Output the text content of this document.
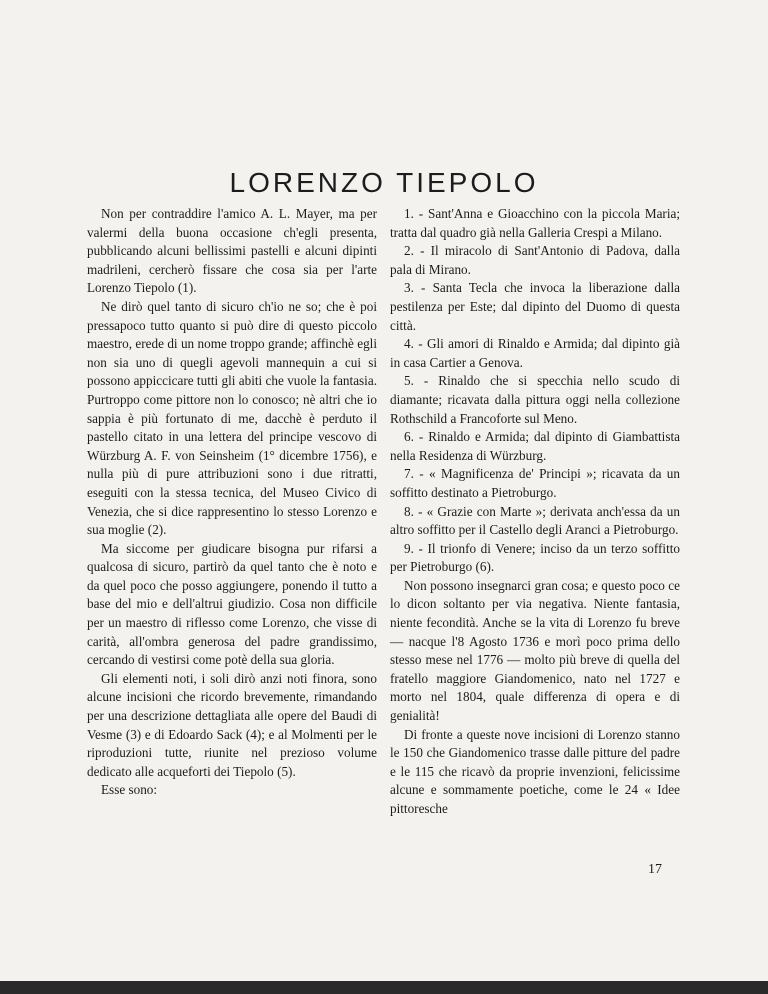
LORENZO TIEPOLO

Non per contraddire l'amico A. L. Mayer, ma per valermi della buona occasione ch'egli presenta, pubblicando alcuni bellissimi pastelli e alcuni dipinti madrileni, cercherò fissare che cosa sia per l'arte Lorenzo Tiepolo (1).

Ne dirò quel tanto di sicuro ch'io ne so; che è poi pressapoco tutto quanto si può dire di questo piccolo maestro, erede di un nome troppo grande; affinchè egli non sia uno di quegli agevoli mannequin a cui si possono appiccicare tutti gli abiti che vuole la fantasia. Purtroppo come pittore non lo conosco; nè altri che io sappia è più fortunato di me, dacchè è perduto il pastello citato in una lettera del principe vescovo di Würzburg A. F. von Seinsheim (1° dicembre 1756), e nulla più di pure attribuzioni sono i due ritratti, eseguiti con la stessa tecnica, del Museo Civico di Venezia, che si dice rappresentino lo stesso Lorenzo e sua moglie (2).

Ma siccome per giudicare bisogna pur rifarsi a qualcosa di sicuro, partirò da quel tanto che è noto e da quel poco che posso aggiungere, ponendo il tutto a base del mio e dell'altrui giudizio. Cosa non difficile per un maestro di riflesso come Lorenzo, che visse di carità, all'ombra generosa del padre grandissimo, cercando di vestirsi come potè della sua gloria.

Gli elementi noti, i soli dirò anzi noti finora, sono alcune incisioni che ricordo brevemente, rimandando per una descrizione dettagliata alle opere del Baudi di Vesme (3) e di Edoardo Sack (4); e al Molmenti per le riproduzioni tutte, riunite nel prezioso volume dedicato alle acqueforti dei Tiepolo (5).

Esse sono:

1. - Sant'Anna e Gioacchino con la piccola Maria; tratta dal quadro già nella Galleria Crespi a Milano.

2. - Il miracolo di Sant'Antonio di Padova, dalla pala di Mirano.

3. - Santa Tecla che invoca la liberazione dalla pestilenza per Este; dal dipinto del Duomo di questa città.

4. - Gli amori di Rinaldo e Armida; dal dipinto già in casa Cartier a Genova.

5. - Rinaldo che si specchia nello scudo di diamante; ricavata dalla pittura oggi nella collezione Rothschild a Francoforte sul Meno.

6. - Rinaldo e Armida; dal dipinto di Giambattista nella Residenza di Würzburg.

7. - « Magnificenza de' Principi »; ricavata da un soffitto destinato a Pietroburgo.

8. - « Grazie con Marte »; derivata anch'essa da un altro soffitto per il Castello degli Aranci a Pietroburgo.

9. - Il trionfo di Venere; inciso da un terzo soffitto per Pietroburgo (6).

Non possono insegnarci gran cosa; e questo poco ce lo dicon soltanto per via negativa. Niente fantasia, niente fecondità. Anche se la vita di Lorenzo fu breve — nacque l'8 Agosto 1736 e morì poco prima dello stesso mese nel 1776 — molto più breve di quella del fratello maggiore Giandomenico, nato nel 1727 e morto nel 1804, quale differenza di opera e di genialità!

Di fronte a queste nove incisioni di Lorenzo stanno le 150 che Giandomenico trasse dalle pitture del padre e le 115 che ricavò da proprie invenzioni, felicissime alcune e sommamente poetiche, come le 24 « Idee pittoresche

17
